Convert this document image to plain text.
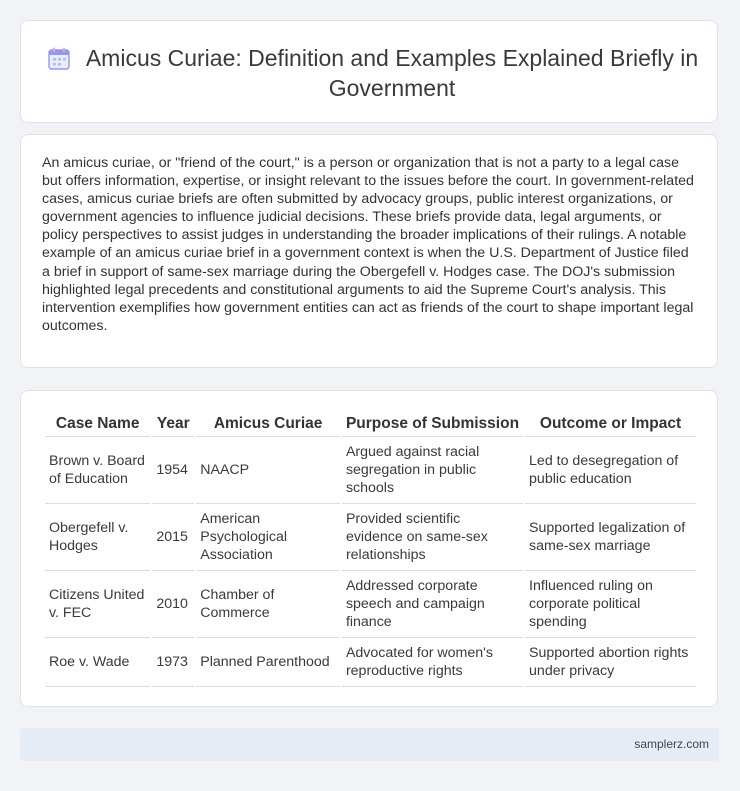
Amicus Curiae: Definition and Examples Explained Briefly in Government

An amicus curiae, or "friend of the court," is a person or organization that is not a party to a legal case but offers information, expertise, or insight relevant to the issues before the court. In government-related cases, amicus curiae briefs are often submitted by advocacy groups, public interest organizations, or government agencies to influence judicial decisions. These briefs provide data, legal arguments, or policy perspectives to assist judges in understanding the broader implications of their rulings. A notable example of an amicus curiae brief in a government context is when the U.S. Department of Justice filed a brief in support of same-sex marriage during the Obergefell v. Hodges case. The DOJ's submission highlighted legal precedents and constitutional arguments to aid the Supreme Court's analysis. This intervention exemplifies how government entities can act as friends of the court to shape important legal outcomes.

Case Name	Year	Amicus Curiae	Purpose of Submission	Outcome or Impact
Brown v. Board of Education	1954	NAACP	Argued against racial segregation in public schools	Led to desegregation of public education
Obergefell v. Hodges	2015	American Psychological Association	Provided scientific evidence on same-sex relationships	Supported legalization of same-sex marriage
Citizens United v. FEC	2010	Chamber of Commerce	Addressed corporate speech and campaign finance	Influenced ruling on corporate political spending
Roe v. Wade	1973	Planned Parenthood	Advocated for women's reproductive rights	Supported abortion rights under privacy
samplerz.com
